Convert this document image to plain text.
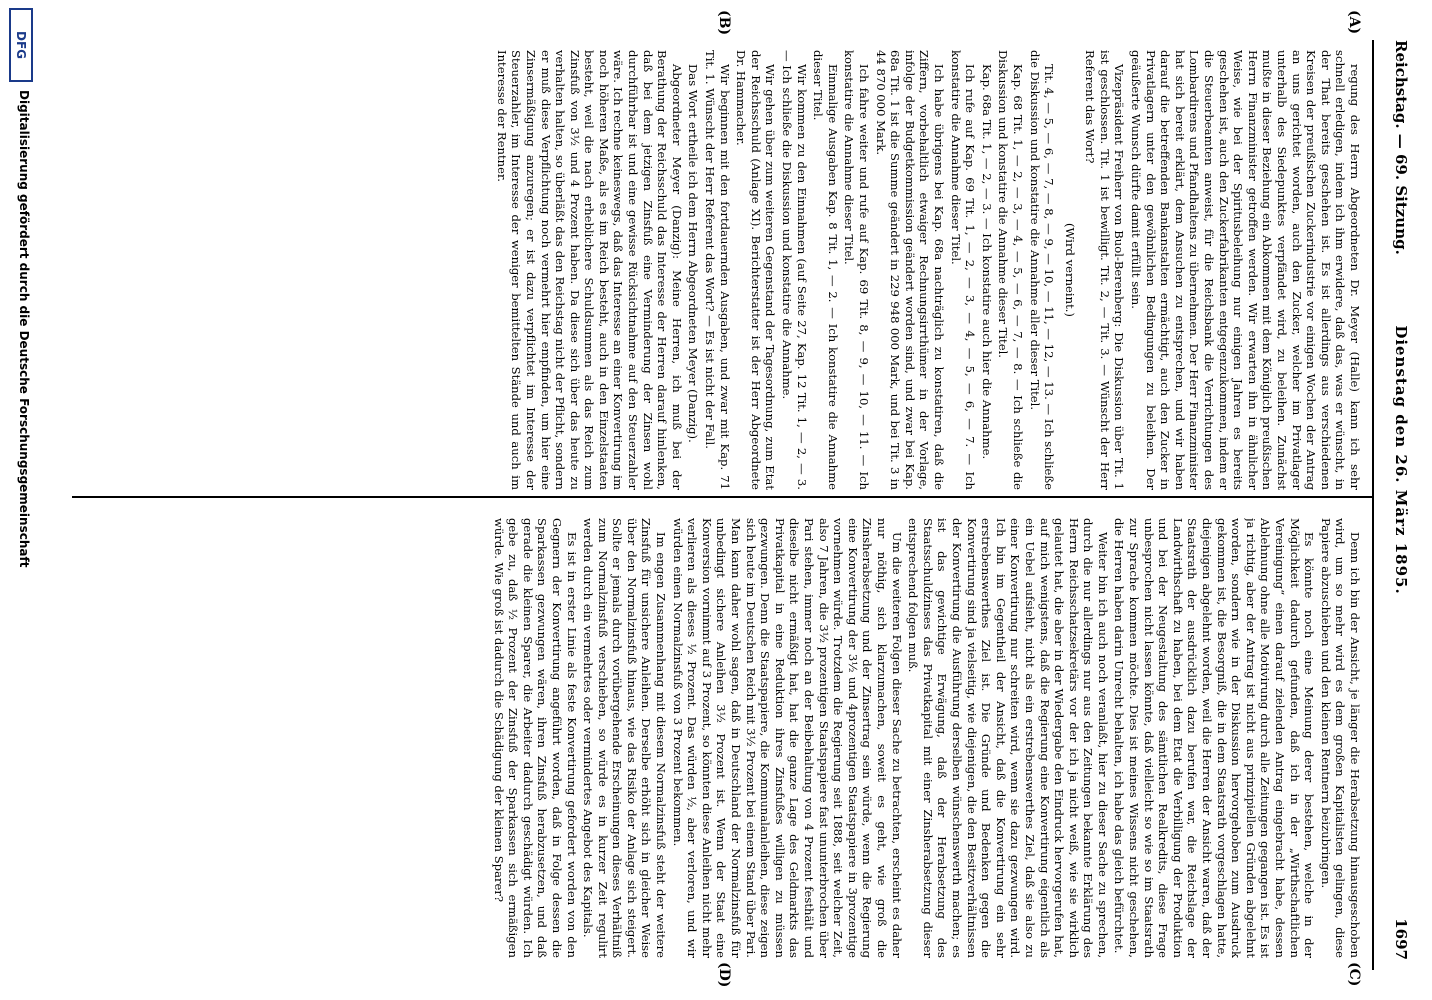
Reichstag. — 69. Sitzung.
Dienstag den 26. März 1895.
1697
(A)
(B)
(C)
(D)

regung des Herrn Abgeordneten Dr. Meyer (Halle) kann ich sehr schnell erledigen, indem ich ihm erwidere, daß das, was er wünscht, in der That bereits geschehen ist. Es ist allerdings aus verschiedenen Kreisen der preußischen Zuckerindustrie vor einigen Wochen der Antrag an uns gerichtet worden, auch den Zucker, welcher im Privatlager unterhalb des Siedepunktes verpfändet wird, zu beleihen. Zunächst mußte in dieser Beziehung ein Abkommen mit dem Königlich preußischen Herrn Finanzminister getroffen werden. Wir erwarten ihn in ähnlicher Weise, wie bei der Spiritusbeleihung nur einigen Jahren es bereits geschehen ist, auch den Zuckerfabrikanten entgegenzukommen, indem er die Steuerbeamten anweist, für die Reichsbank die Verrichtungen des Lombardirens und Pfandhaltens zu übernehmen. Der Herr Finanzminister hat sich bereit erklärt, dem Ansuchen zu entsprechen, und wir haben darauf die betreffenden Bankanstalten ermächtigt, auch den Zucker in Privatlagern unter den gewöhnlichen Bedingungen zu beleihen. Der geäußerte Wunsch dürfte damit erfüllt sein.

Vizepräsident Freiherr von Buol-Berenberg: Die Diskussion über Tit. 1 ist geschlossen. Tit. 1 ist bewilligt. Tit. 2, — Tit. 3. — Wünscht der Herr Referent das Wort?

(Wird verneint.)

Tit. 4, — 5, — 6, — 7, — 8, — 9, — 10, — 11, — 12, — 13. — Ich schließe die Diskussion und konstatire die Annahme aller dieser Titel.

Kap. 68 Tit. 1, — 2, — 3, — 4, — 5, — 6, — 7, — 8. — Ich schließe die Diskussion und konstatire die Annahme dieser Titel.

Kap. 68a Tit. 1, — 2, — 3. — Ich konstatire auch hier die Annahme.

Ich rufe auf Kap. 69 Tit. 1, — 2, — 3, — 4, — 5, — 6, — 7. — Ich konstatire die Annahme dieser Titel.

Ich habe übrigens bei Kap. 68a nachträglich zu konstatiren, daß die Ziffern, vorbehaltlich etwaiger Rechnungsirrthümer in der Vorlage, infolge der Budgetkommission geändert worden sind, und zwar bei Kap. 68a Tit. 1 ist die Summe geändert in 229 948 000 Mark, und bei Tit. 3 in 44 870 000 Mark.

Ich fahre weiter und rufe auf Kap. 69 Tit. 8, — 9, — 10, — 11. — Ich konstatire die Annahme dieser Titel.

Einmalige Ausgaben Kap. 8 Tit. 1, — 2. — Ich konstatire die Annahme dieser Titel.

Wir kommen zu den Einnahmen (auf Seite 27, Kap. 12 Tit. 1, — 2, — 3. — Ich schließe die Diskussion und konstatire die Annahme.

Wir gehen über zum weiteren Gegenstand der Tagesordnung, zum Etat der Reichsschuld (Anlage XI). Berichterstatter ist der Herr Abgeordnete Dr. Hammacher.

Wir beginnen mit den fortdauernden Ausgaben, und zwar mit Kap. 71 Tit. 1. Wünscht der Herr Referent das Wort? — Es ist nicht der Fall.

Das Wort ertheile ich dem Herrn Abgeordneten Meyer (Danzig).

Abgeordneter Meyer (Danzig): Meine Herren, ich muß bei der Berathung der Reichsschuld das Interesse der Herren darauf hinlenken, daß bei dem jetzigen Zinsfuß eine Verminderung der Zinsen wohl durchführbar ist und eine gewisse Rücksichtnahme auf den Steuerzahler wäre. Ich rechne keineswegs, daß das Interesse an einer Konvertirung im noch höheren Maße, als es im Reich besteht, auch in den Einzelstaaten besteht, weil die nach erheblichere Schuldsummen als das Reich zum Zinsfuß von 3½ und 4 Prozent haben. Da diese sich über das heute zu verhalten halten, so überläßt das den Reichstag nicht der Pflicht, sondern er muß diese Verpflichtung noch vermehrt hier empfinden, um hier eine Zinsermäßigung anzuregen; er ist dazu verpflichtet im Interesse der Steuerzahler, im Interesse der weniger bemittelten Stände und auch im Interesse der Rentner.

Denn ich bin der Ansicht, je länger die Herabsetzung hinausgeschoben wird, um so mehr wird es dem großen Kapitalisten gelingen, diese Papiere abzuschieben und den kleinen Rentnern beizubringen.

Es könnte noch eine Meinung derer bestehen, welche in der Möglichkeit dadurch gefunden, daß ich in der „Wirthschaftlichen Vereinigung“ einen darauf zielenden Antrag eingebracht habe, dessen Ablehnung ohne alle Motivirung durch alle Zeitungen gegangen ist. Es ist ja richtig, aber der Antrag ist nicht aus prinzipiellen Gründen abgelehnt worden, sondern wie in der Diskussion hervorgehoben zum Ausdruck gekommen ist, die Besorgniß, die in dem Staatsrath vorgeschlagen hatte, diejenigen abgelehnt worden, weil die Herren der Ansicht waren, daß der Staatsrath der ausdrücklich dazu berufen war, die Reichslage der Landwirthschaft zu haben, bei dem Etat die Verbilligung der Produktion und bei der Neugestaltung des sämtlichen Realkredits, diese Frage unbesprochen nicht lassen könnte, daß vielleicht so wie so im Staatsrath zur Sprache kommen möchte. Dies ist meines Wissens nicht geschehen, die Herren haben darin Unrecht behalten, ich habe das gleich befürchtet.

Weiter bin ich auch noch veranlaßt, hier zu dieser Sache zu sprechen, durch die nur allerdings nur aus den Zeitungen bekannte Erklärung des Herrn Reichsschatzsekretärs vor der ich ja nicht weiß, wie sie wirklich gelautet hat, die aber in der Wiedergabe den Eindruck hervorgerufen hat, auf mich wenigstens, daß die Regierung eine Konvertirung eigentlich als ein Uebel aufsieht, nicht als ein erstrebenswerthes Ziel, daß sie also zu einer Konvertirung nur schreiten wird, wenn sie dazu gezwungen wird. Ich bin im Gegentheil der Ansicht, daß die Konvertirung ein sehr erstrebenswerthes Ziel ist. Die Gründe und Bedenken gegen die Konvertirung sind ja vielseitig, wie diejenigen, die den Besitzverhältnissen der Konvertirung die Ausführung derselben wünschenswerth machen; es ist das gewichtige Erwägung, daß der Herabsetzung des Staatsschuldzinses das Privatkapital mit einer Zinsherabsetzung dieser entsprechend folgen muß.

Um die weiteren Folgen dieser Sache zu betrachten, erscheint es daher nur nöthig, sich klarzumachen, soweit es geht, wie groß die Zinsherabsetzung und der Zinsertrag sein würde, wenn die Regierung eine Konvertirung der 3½ und 4prozentigen Staatspapiere in 3prozentige vornehmen würde. Trotzdem die Regierung seit 1888, seit welcher Zeit, also 7 Jahren, die 3½ prozentigen Staatspapiere fast ununterbrochen über Pari stehen, immer noch an der Beibehaltung von 4 Prozent festhält und dieselbe nicht ermäßigt hat, hat die ganze Lage des Geldmarkts das Privatkapital in eine Reduktion ihres Zinsfußes willigen zu müssen gezwungen. Denn die Staatspapiere, die Kommunalanleihen, diese zeigen sich heute im Deutschen Reich mit 3½ Prozent bei einem Stand über Pari. Man kann daher wohl sagen, daß in Deutschland der Normalzinsfuß für unbedingt sichere Anleihen 3½ Prozent ist. Wenn der Staat eine Konversion vornimmt auf 3 Prozent, so könnten diese Anleihen nicht mehr verlieren als dieses ½ Prozent. Das würden ½, aber verloren, und wir würden einen Normalzinsfuß von 3 Prozent bekommen.

Im engen Zusammenhang mit diesem Normalzinsfuß steht der weitere Zinsfuß für unsichere Anleihen. Derselbe erhöht sich in gleicher Weise über den Normalzinsfuß hinaus, wie das Risiko der Anlage sich steigert. Sollte er jemals durch vorübergehende Erscheinungen dieses Verhältniß zum Normalzinsfuß verschieben, so würde es in kurzer Zeit regulirt werden durch ein vermehrtes oder vermindertes Angebot des Kapitals.

Es ist in erster Linie als feste Konvertirung gefordert worden von den Gegnern der Konvertirung angeführt worden, daß in Folge dessen die Sparkassen gezwungen wären, ihren Zinsfuß herabzusetzen, und daß gerade die kleinen Sparer, die Arbeiter dadurch geschädigt würden. Ich gebe zu, daß ½ Prozent der Zinsfuß der Sparkassen sich ermäßigen würde. Wie groß ist dadurch die Schädigung der kleinen Sparer?

DFG
Digitalisierung gefördert durch die Deutsche Forschungsgemeinschaft
